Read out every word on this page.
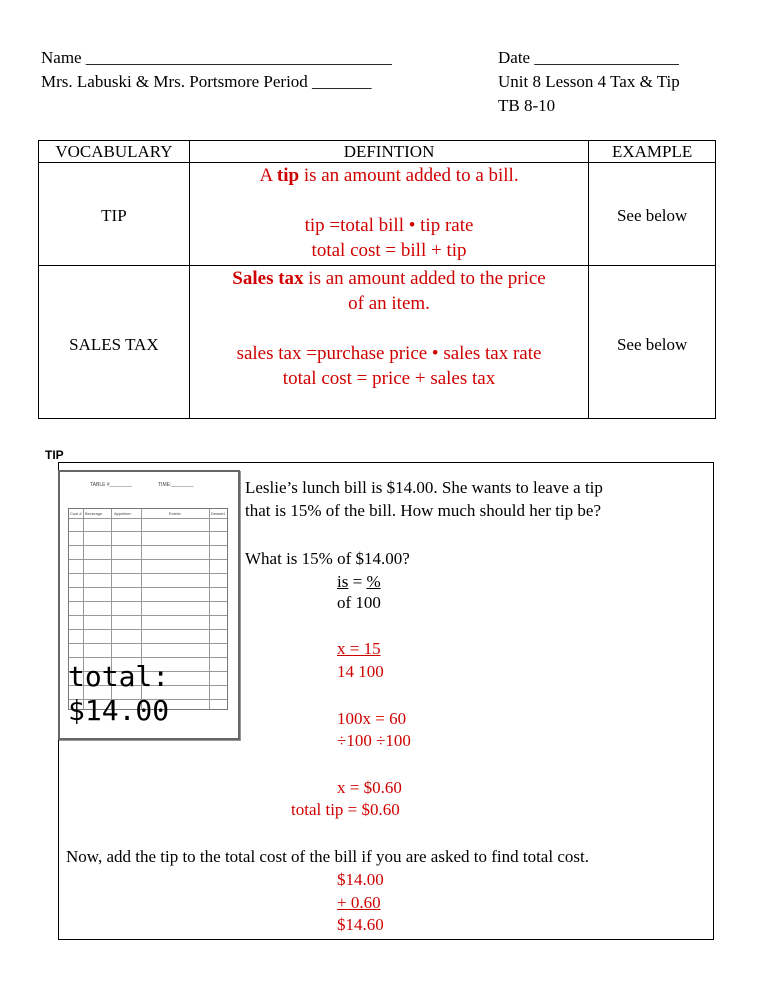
Name ____________________________________
Mrs. Labuski & Mrs. Portsmore Period _______
Date _________________
Unit 8 Lesson 4 Tax & Tip
TB 8-10
VOCABULARY	DEFINTION	EXAMPLE

TIP	A tip is an amount added to a bill.
tip =total bill • tip rate
total cost = bill + tip	See below

SALES TAX	Sales tax is an amount added to the price
of an item.
sales tax =purchase price • sales tax rate
total cost = price + sales tax	See below
TIP
TABLE #________	TIME:________
Cust # Beverage	Appetizer	Entrée	Dessert
total:
$14.00
Leslie’s lunch bill is $14.00. She wants to leave a tip
that is 15% of the bill. How much should her tip be?
What is 15% of $14.00?
is = %
of 100
x = 15
14 100
100x = 60
÷100 ÷100
x = $0.60
total tip = $0.60
Now, add the tip to the total cost of the bill if you are asked to find total cost.
$14.00
+ 0.60
$14.60
